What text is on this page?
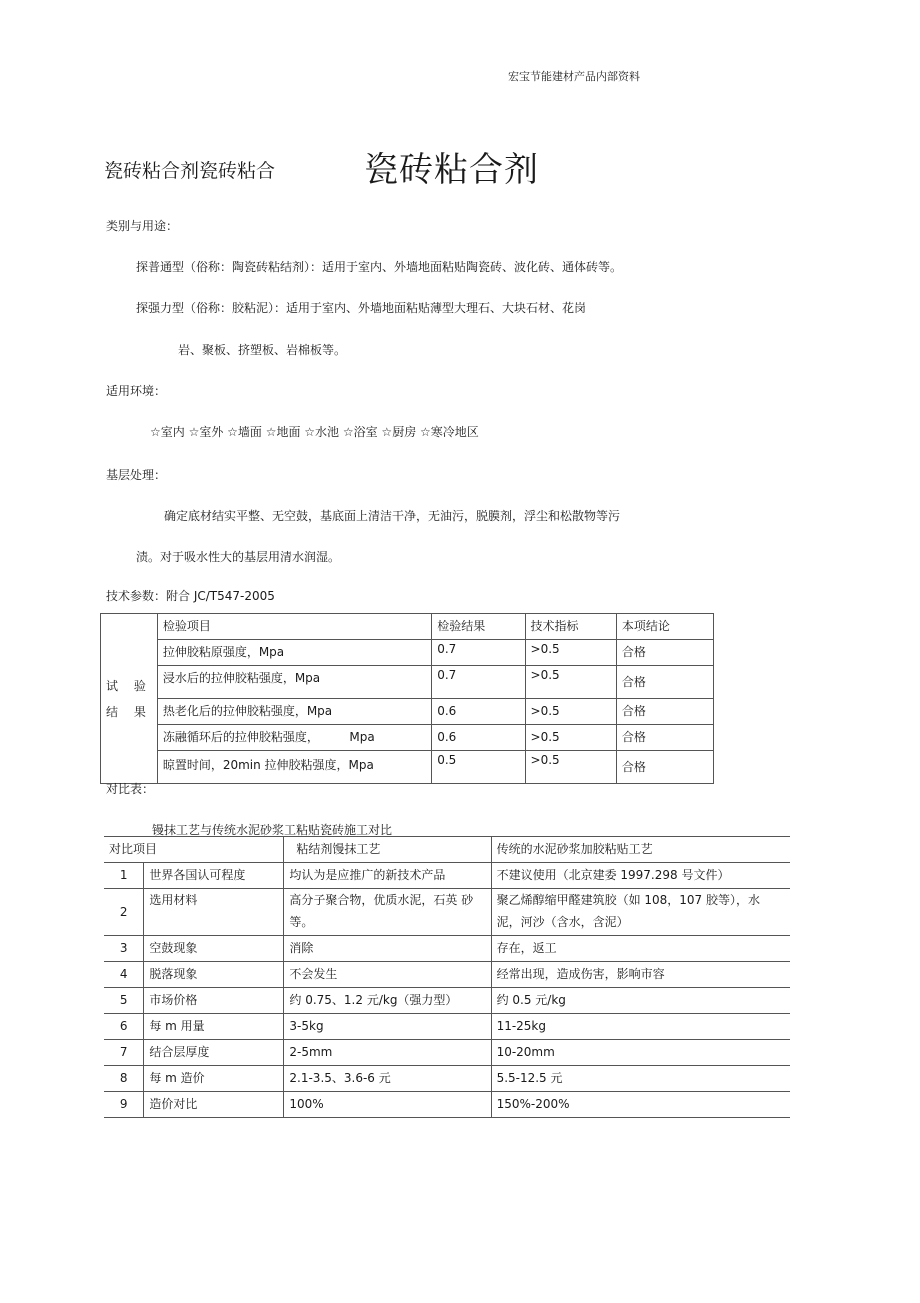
宏宝节能建材产品内部资料
瓷砖粘合剂瓷砖粘合	瓷砖粘合剂
类别与用途：
探普通型（俗称：陶瓷砖粘结剂）：适用于室内、外墙地面粘贴陶瓷砖、波化砖、通体砖等。
探强力型（俗称：胶粘泥）：适用于室内、外墙地面粘贴薄型大理石、大块石材、花岗
岩、聚板、挤塑板、岩棉板等。
适用环境：
☆室内 ☆室外 ☆墙面 ☆地面 ☆水池 ☆浴室 ☆厨房 ☆寒冷地区
基层处理：
确定底材结实平整、无空鼓，基底面上清洁干净，无油污，脱膜剂，浮尘和松散物等污
渍。对于吸水性大的基层用清水润湿。
技术参数：附合 JC/T547-2005
试 验
结 果	检验项目	检验结果	技术指标	本项结论
	拉伸胶粘原强度，Mpa	0.7	>0.5	合格
	浸水后的拉伸胶粘强度，Mpa	0.7	>0.5	合格
	热老化后的拉伸胶粘强度，Mpa	0.6	>0.5	合格
	冻融循环后的拉伸胶粘强度，        Mpa	0.6	>0.5	合格
	晾置时间，20min 拉伸胶粘强度，Mpa	0.5	>0.5	合格
对比表：
镘抹工艺与传统水泥砂浆工粘贴瓷砖施工对比
对比项目		粘结剂馒抹工艺	传统的水泥砂浆加胶粘贴工艺
1	世界各国认可程度	均认为是应推广的新技术产品	不建议使用（北京建委 1997.298 号文件）
2	选用材料	高分子聚合物，优质水泥，石英 砂等。	聚乙烯醇缩甲醛建筑胶（如 108，107 胶等），水 泥，河沙（含水，含泥）
3	空鼓现象	消除	存在，返工
4	脱落现象	不会发生	经常出现，造成伤害，影响市容
5	市场价格	约 0.75、1.2 元/kg（强力型）	约 0.5 元/kg
6	每 m 用量	3-5kg	11-25kg
7	结合层厚度	2-5mm	10-20mm
8	每 m 造价	2.1-3.5、3.6-6 元	5.5-12.5 元
9	造价对比	100%	150%-200%
